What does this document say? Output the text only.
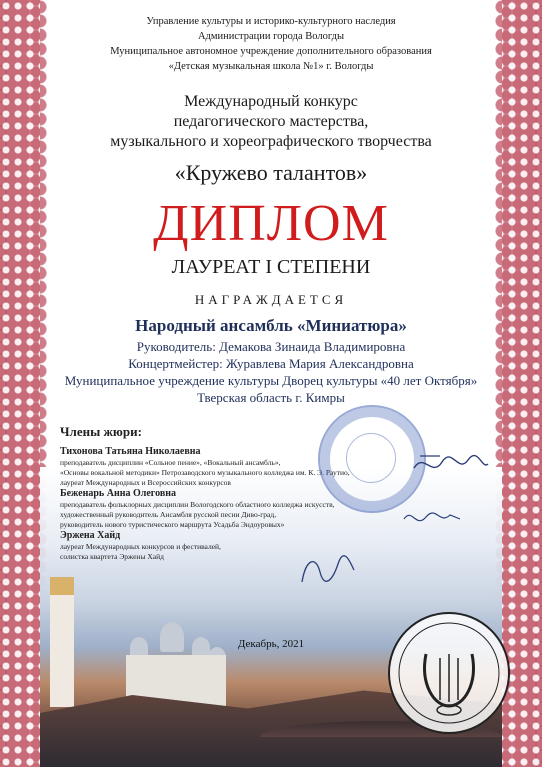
Управление культуры и историко-культурного наследия
Администрации города Вологды
Муниципальное автономное учреждение дополнительного образования
«Детская музыкальная школа №1» г. Вологды
Международный конкурс
педагогического мастерства,
музыкального и хореографического творчества
«Кружево талантов»
ДИПЛОМ
ЛАУРЕАТ I СТЕПЕНИ
НАГРАЖДАЕТСЯ
Народный ансамбль «Миниатюра»
Руководитель: Демакова Зинаида Владимировна
Концертмейстер: Журавлева Мария Александровна
Муниципальное учреждение культуры Дворец культуры «40 лет Октября»
Тверская область г. Кимры
Члены жюри:
Тихонова Татьяна Николаевна
преподаватель дисциплин «Сольное пение», «Вокальный ансамбль»,
«Основы вокальной методики» Петрозаводского музыкального колледжа им. К. Э. Раутио,
лауреат Международных и Всероссийских конкурсов
Беженарь Анна Олеговна
преподаватель фольклорных дисциплин Вологодского областного колледжа искусств,
художественный руководитель Ансамбля русской песни Диво-град,
руководитель нового туристического маршрута Усадьба Эндоуровых»
Эржена Хайд
лауреат Международных конкурсов и фестивалей,
солистка квартета Эржены Хайд
Декабрь, 2021
